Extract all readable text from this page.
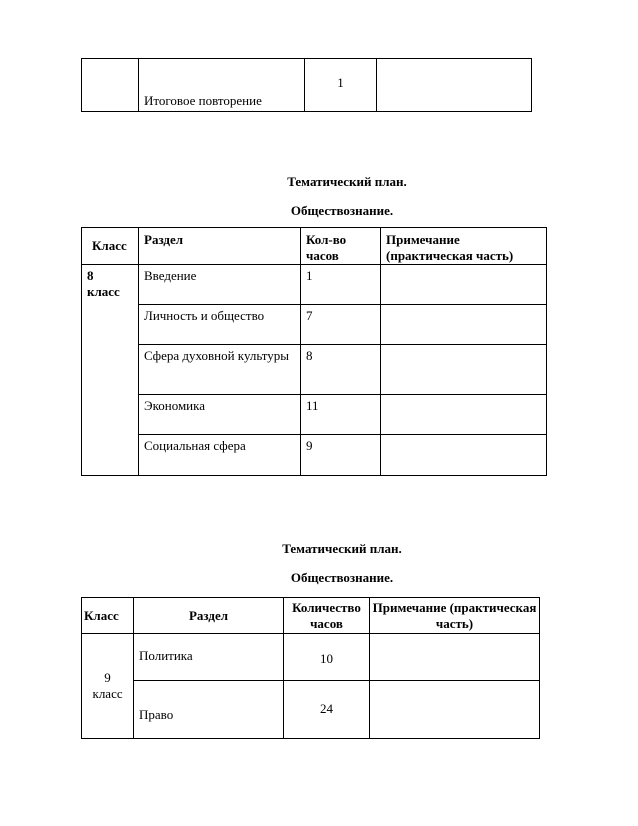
	Итоговое повторение	1	
Тематический план.
Обществознание.
Класс	Раздел	Кол-во часов	Примечание (практическая часть)

8 класс	Введение	1	
	Личность и общество	7	
	Сфера духовной культуры	8	
	Экономика	11	
	Социальная сфера	9	
Тематический план.
Обществознание.
Класс	Раздел	Количество часов	Примечание (практическая часть)

9 класс	Политика	10	
	Право	24	
